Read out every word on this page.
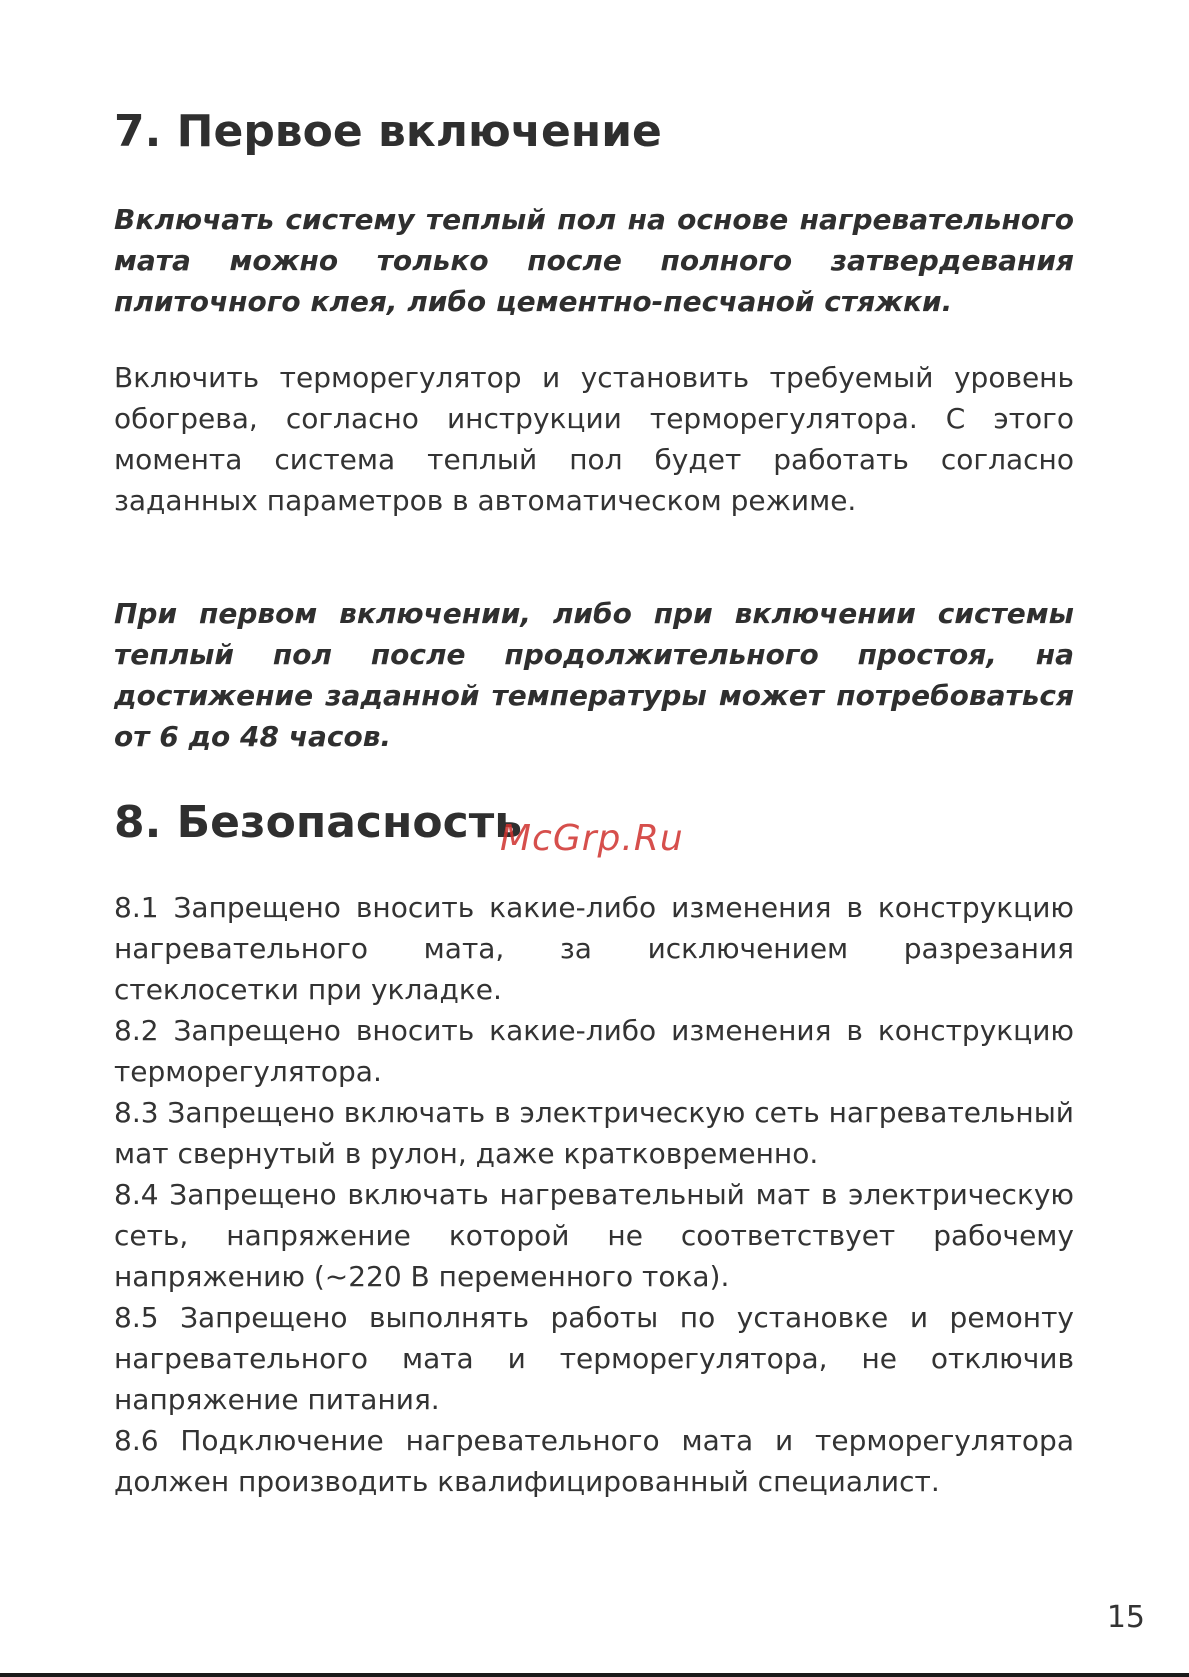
7. Первое включение

Включать систему теплый пол на основе нагревательного мата можно только после полного затвердевания плиточного клея, либо цементно-песчаной стяжки.

Включить терморегулятор и установить требуемый уровень обогрева, согласно инструкции терморегулятора. С этого момента система теплый пол будет работать согласно заданных параметров в автоматическом режиме.

При первом включении, либо при включении системы теплый пол после продолжительного простоя, на достижение заданной температуры может потребоваться от 6 до 48 часов.

8. Безопасность

8.1 Запрещено вносить какие-либо изменения в конструкцию нагревательного мата, за исключением разрезания стеклосетки при укладке.

8.2 Запрещено вносить какие-либо изменения в конструкцию терморегулятора.

8.3 Запрещено включать в электрическую сеть нагревательный мат свернутый в рулон, даже кратковременно.

8.4 Запрещено включать нагревательный мат в электрическую сеть, напряжение которой не соответствует рабочему напряжению (~220 В переменного тока).

8.5 Запрещено выполнять работы по установке и ремонту нагревательного мата и терморегулятора, не отключив напряжение питания.

8.6 Подключение нагревательного мата и терморегулятора должен производить квалифицированный специалист.

McGrp.Ru
15
